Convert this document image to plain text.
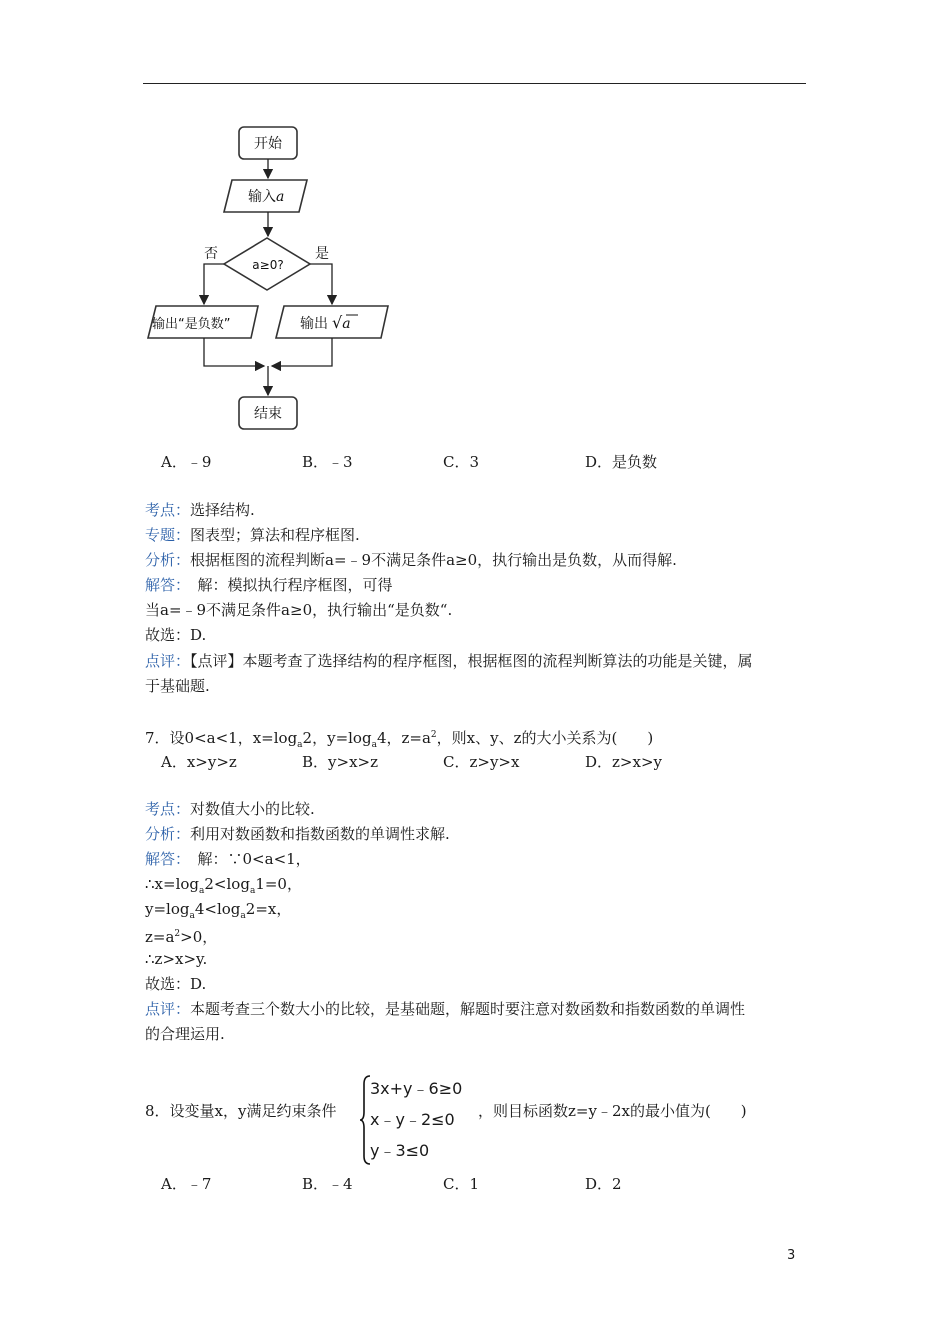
开始
输入a
a≥0?
否	是
输出“是负数”	输出 √a
结束
A．﹣9	B．﹣3	C．3	D．是负数
考点：选择结构.
专题：图表型；算法和程序框图.
分析：根据框图的流程判断a=﹣9不满足条件a≥0，执行输出是负数，从而得解.
解答：　解：模拟执行程序框图，可得
当a=﹣9不满足条件a≥0，执行输出“是负数“.
故选：D.
点评：【点评】本题考查了选择结构的程序框图，根据框图的流程判断算法的功能是关键，属
于基础题.
7．设0<a<1，$x=\log_a2$，$y=\log_a4$，$z=a^2$，则x、y、z的大小关系为(　　)
A．x>y>z	B．y>x>z	C．z>y>x	D．z>x>y
考点：对数值大小的比较.
分析：利用对数函数和指数函数的单调性求解.
解答：　解：∵0<a<1，
$\therefore x=\log_a2<\log_a1=0$，
$y=\log_a4<\log_a2=x$，
$z=a^2>0$，
∴z>x>y.
故选：D.
点评：本题考查三个数大小的比较，是基础题，解题时要注意对数函数和指数函数的单调性
的合理运用.
8．设变量x，y满足约束条件
3x+y﹣6≥0
x﹣y﹣2≤0
y﹣3≤0
，则目标函数z=y﹣2x的最小值为(　　)
A．﹣7	B．﹣4	C．1	D．2
3
